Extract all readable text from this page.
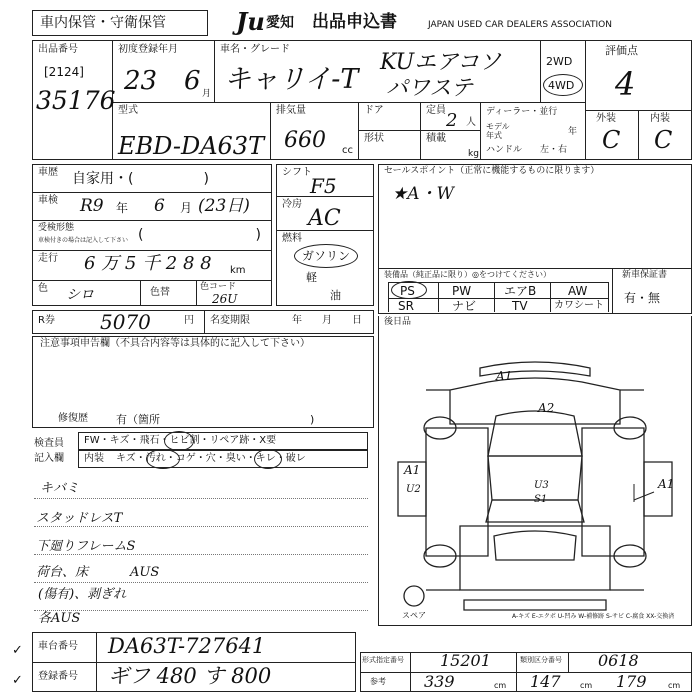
車内保管・守衛保管	Ju 愛知 出品申込書	JAPAN USED CAR DEALERS ASSOCIATION
出品番号
[2124]
35176
初度登録年月
23 6 月
車名・グレード
キャリイ-T
KUエアコソ
パワステ
2WD
4WD
評価点
4
外装	内装
C C
型式
EBD-DA63T
排気量
660 cc
ドア
形状
定員 2 人
積載
kg
ディーラー・並行
モデル
年式	年
ハンドル 左・右
車歴 自家用・(　　　　　)
車検 R9 年 6 月 (23日)
受検形態
車検付きの場合は記入して下さい (　　　　　　　　)
走行 6 万 5 千 2 8 8 km
色 シロ	色替	色コード
26U
シフト
F5
冷房
AC
燃料
ガソリン
軽
油
セールスポイント（正常に機能するものに限ります）
★A・W
装備品（純正品に限り）◎をつけてください）
PS	PW	エアB	AW
SR	ナビ	TV	カワシート
新車保証書
有・無
R券 5070	円 名変期限	年 月 日 後日品
注意事項申告欄（不具合内容等は具体的に記入して下さい）
修復歴	有（箇所	)
検査員
記入欄
FW・キズ・飛石・ヒビ割・リペア跡・X要
内装 キズ・汚れ・コゲ・穴・臭い・キレ・破レ
キバミ
スタッドレスT
下廻りフレームS
荷台、床
(傷有)、剥ぎれ
AUS
各AUS
A1
A2
A1
U2	U3
S1
A1
スペア	A-キズ E-エクボ U-凹み W-補修跡 S-サビ C-腐食 XX-交換済
車台番号 DA63T-727641
登録番号 ギフ 480 す 800
形式指定番号 15201	類別区分番号 0618
参考 339	cm 147 cm 179	cm
✓
✓
